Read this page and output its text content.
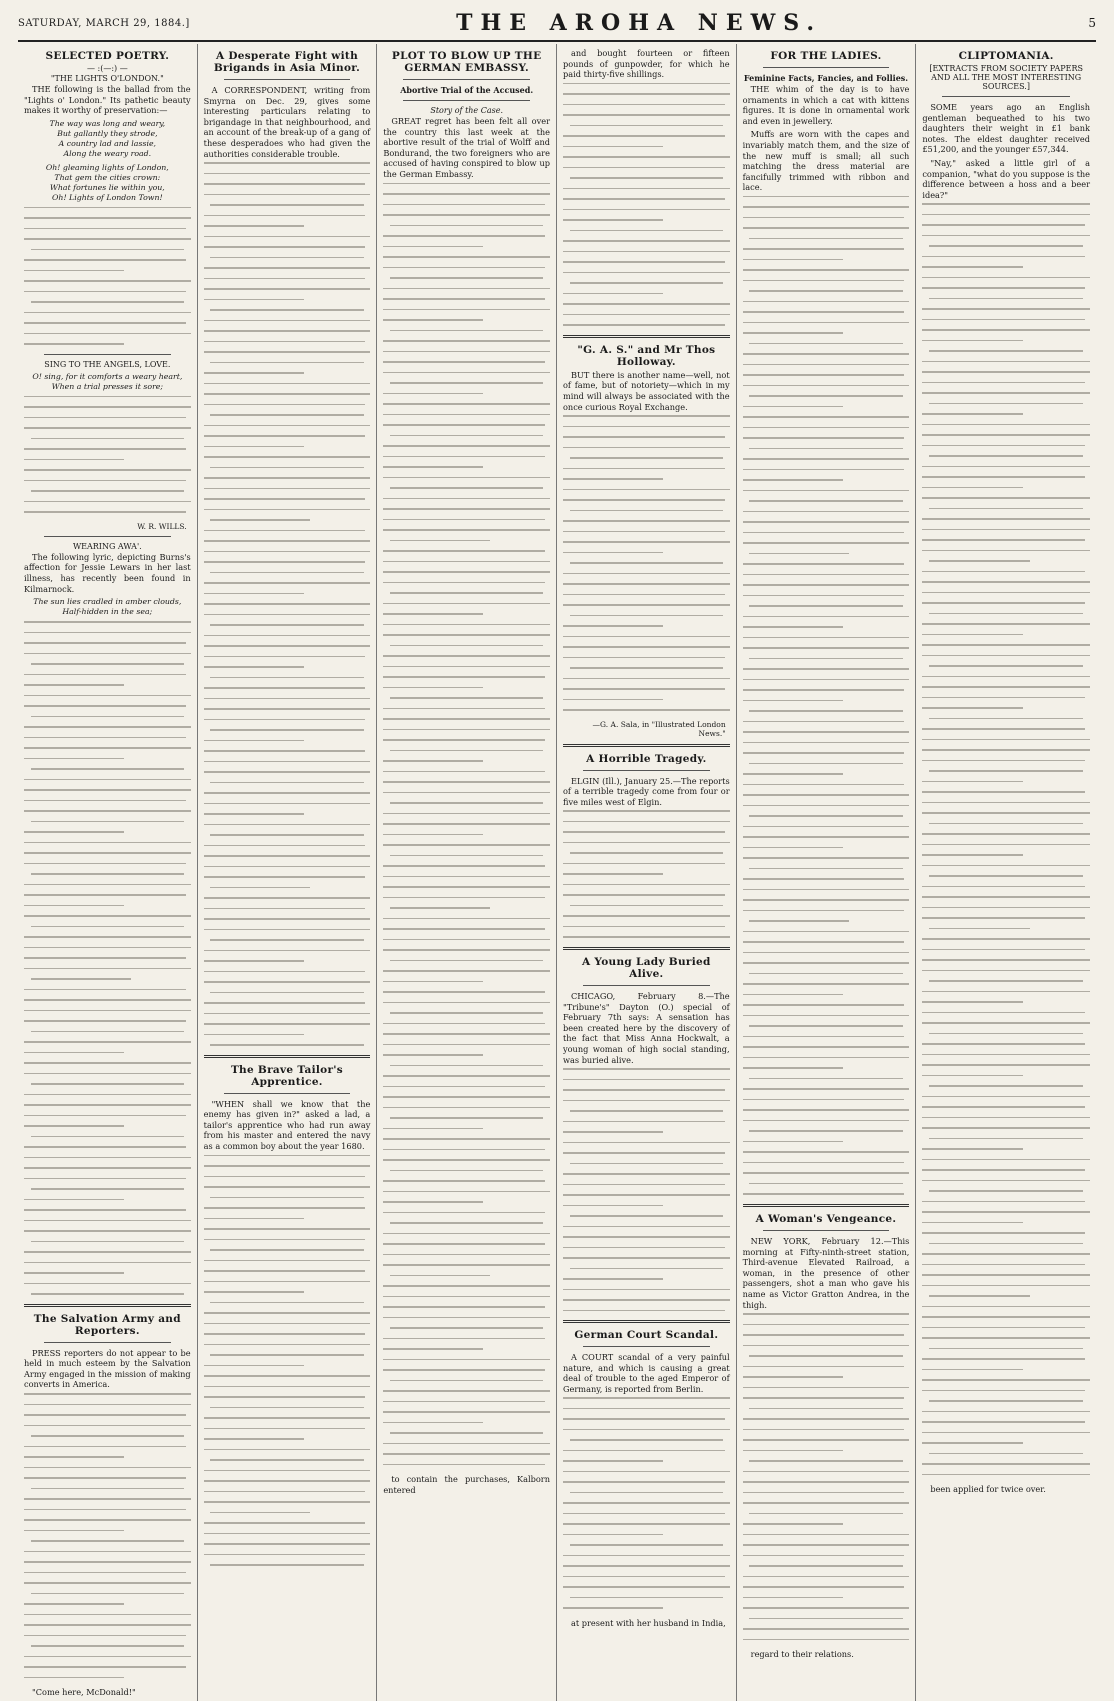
SATURDAY, MARCH 29, 1884.]	THE AROHA NEWS.	5
SELECTED POETRY.
— :(—:) —
"THE LIGHTS O'LONDON."

THE following is the ballad from the "Lights o' London." Its pathetic beauty makes it worthy of preservation:—

The way was long and weary,
But gallantly they strode,
A country lad and lassie,
Along the weary road.
Oh! gleaming lights of London,
That gem the cities crown:
What fortunes lie within you,
Oh! Lights of London Town!
SING TO THE ANGELS, LOVE.
O! sing, for it comforts a weary heart,
When a trial presses it sore;
W. R. WILLS.
WEARING AWA'.

The following lyric, depicting Burns's affection for Jessie Lewars in her last illness, has recently been found in Kilmarnock.

The sun lies cradled in amber clouds,
Half-hidden in the sea;
The Salvation Army and Reporters.

PRESS reporters do not appear to be held in much esteem by the Salvation Army engaged in the mission of making converts in America.

"Come here, McDonald!"

A Desperate Fight with Brigands in Asia Minor.

A CORRESPONDENT, writing from Smyrna on Dec. 29, gives some interesting particulars relating to brigandage in that neighbourhood, and an account of the break-up of a gang of these desperadoes who had given the authorities considerable trouble.

The Brave Tailor's Apprentice.

"WHEN shall we know that the enemy has given in?" asked a lad, a tailor's apprentice who had run away from his master and entered the navy as a common boy about the year 1680.

PLOT TO BLOW UP THE GERMAN EMBASSY.
Abortive Trial of the Accused.
Story of the Case.

GREAT regret has been felt all over the country this last week at the abortive result of the trial of Wolff and Bondurand, the two foreigners who are accused of having conspired to blow up the German Embassy.

to contain the purchases, Kalborn entered

and bought fourteen or fifteen pounds of gunpowder, for which he paid thirty-five shillings.

"G. A. S." and Mr Thos Holloway.

BUT there is another name—well, not of fame, but of notoriety—which in my mind will always be associated with the once curious Royal Exchange.

—G. A. Sala, in "Illustrated London News."
A Horrible Tragedy.

ELGIN (Ill.), January 25.—The reports of a terrible tragedy come from four or five miles west of Elgin.

A Young Lady Buried Alive.

CHICAGO, February 8.—The "Tribune's" Dayton (O.) special of February 7th says: A sensation has been created here by the discovery of the fact that Miss Anna Hockwalt, a young woman of high social standing, was buried alive.

German Court Scandal.

A COURT scandal of a very painful nature, and which is causing a great deal of trouble to the aged Emperor of Germany, is reported from Berlin.

at present with her husband in India,

FOR THE LADIES.
Feminine Facts, Fancies, and Follies.

THE whim of the day is to have ornaments in which a cat with kittens figures. It is done in ornamental work and even in jewellery.

Muffs are worn with the capes and invariably match them, and the size of the new muff is small; all such matching the dress material are fancifully trimmed with ribbon and lace.

A Woman's Vengeance.

NEW YORK, February 12.—This morning at Fifty-ninth-street station, Third-avenue Elevated Railroad, a woman, in the presence of other passengers, shot a man who gave his name as Victor Gratton Andrea, in the thigh.

regard to their relations.

CLIPTOMANIA.
[EXTRACTS FROM SOCIETY PAPERS AND ALL THE MOST INTERESTING SOURCES.]

SOME years ago an English gentleman bequeathed to his two daughters their weight in £1 bank notes. The eldest daughter received £51,200, and the younger £57,344.

"Nay," asked a little girl of a companion, "what do you suppose is the difference between a hoss and a beer idea?"

been applied for twice over.
